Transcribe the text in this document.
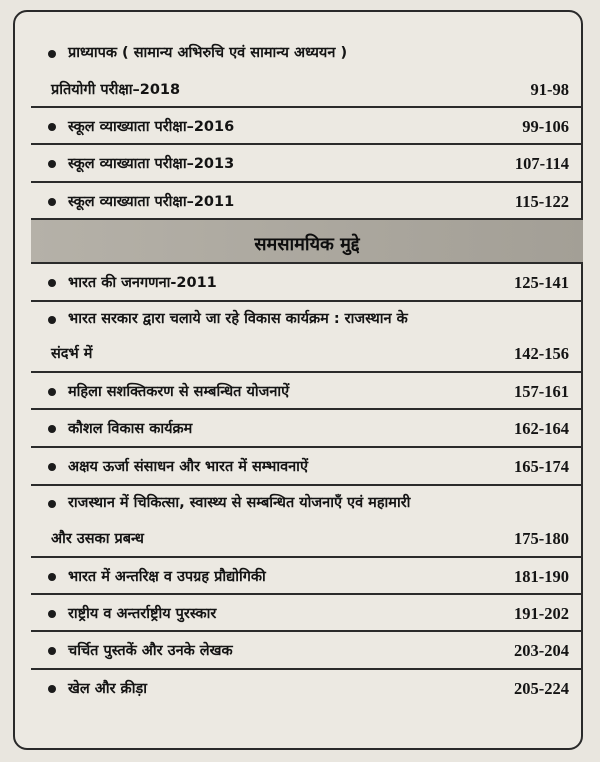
प्राध्यापक ( सामान्य अभिरुचि एवं सामान्य अध्ययन )
प्रतियोगी परीक्षा–2018	91-98
स्कूल व्याख्याता परीक्षा–2016	99-106
स्कूल व्याख्याता परीक्षा–2013	107-114
स्कूल व्याख्याता परीक्षा–2011	115-122
समसामयिक मुद्दे
भारत की जनगणना-2011	125-141
भारत सरकार द्वारा चलाये जा रहे विकास कार्यक्रम : राजस्थान के
संदर्भ में	142-156
महिला सशक्तिकरण से सम्बन्धित योजनाऐं	157-161
कौशल विकास कार्यक्रम	162-164
अक्षय ऊर्जा संसाधन और भारत में सम्भावनाऐं	165-174
राजस्थान में चिकित्सा, स्वास्थ्य से सम्बन्धित योजनाएँ एवं महामारी
और उसका प्रबन्ध	175-180
भारत में अन्तरिक्ष व उपग्रह प्रौद्योगिकी	181-190
राष्ट्रीय व अन्तर्राष्ट्रीय पुरस्कार	191-202
चर्चित पुस्तकें और उनके लेखक	203-204
खेल और क्रीड़ा	205-224
